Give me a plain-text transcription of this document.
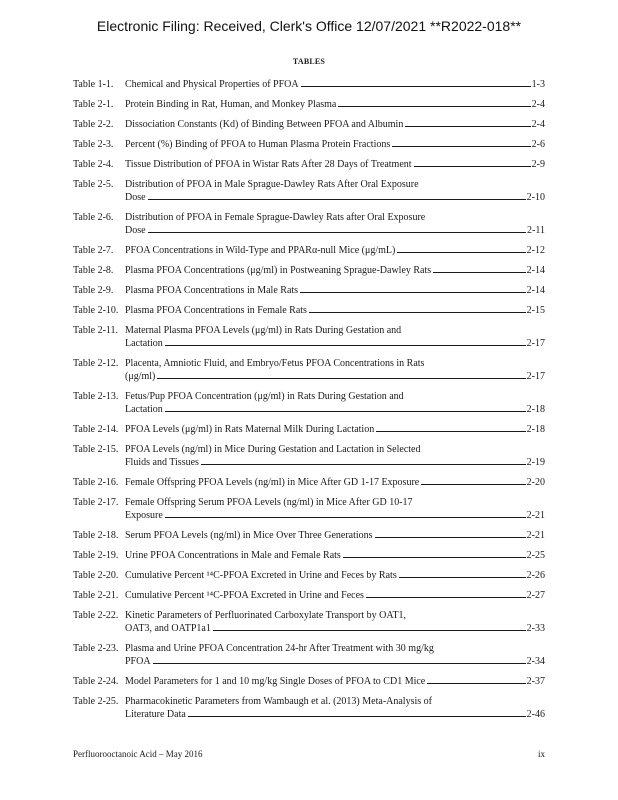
Electronic Filing: Received, Clerk's Office 12/07/2021 **R2022-018**
TABLES
Table 1-1.	Chemical and Physical Properties of PFOA	1-3
Table 2-1.	Protein Binding in Rat, Human, and Monkey Plasma	2-4
Table 2-2.	Dissociation Constants (Kd) of Binding Between PFOA and Albumin	2-4
Table 2-3.	Percent (%) Binding of PFOA to Human Plasma Protein Fractions	2-6
Table 2-4.	Tissue Distribution of PFOA in Wistar Rats After 28 Days of Treatment	2-9
Table 2-5.	Distribution of PFOA in Male Sprague-Dawley Rats After Oral Exposure
Dose	2-10
Table 2-6.	Distribution of PFOA in Female Sprague-Dawley Rats after Oral Exposure
Dose	2-11
Table 2-7.	PFOA Concentrations in Wild-Type and PPARα-null Mice (μg/mL)	2-12
Table 2-8.	Plasma PFOA Concentrations (μg/ml) in Postweaning Sprague-Dawley Rats	2-14
Table 2-9.	Plasma PFOA Concentrations in Male Rats	2-14
Table 2-10. Plasma PFOA Concentrations in Female Rats	2-15
Table 2-11. Maternal Plasma PFOA Levels (μg/ml) in Rats During Gestation and
Lactation	2-17
Table 2-12. Placenta, Amniotic Fluid, and Embryo/Fetus PFOA Concentrations in Rats
(μg/ml)	2-17
Table 2-13. Fetus/Pup PFOA Concentration (μg/ml) in Rats During Gestation and
Lactation	2-18
Table 2-14. PFOA Levels (μg/ml) in Rats Maternal Milk During Lactation	2-18
Table 2-15. PFOA Levels (ng/ml) in Mice During Gestation and Lactation in Selected
Fluids and Tissues	2-19
Table 2-16. Female Offspring PFOA Levels (ng/ml) in Mice After GD 1-17 Exposure	2-20
Table 2-17. Female Offspring Serum PFOA Levels (ng/ml) in Mice After GD 10-17
Exposure	2-21
Table 2-18. Serum PFOA Levels (ng/ml) in Mice Over Three Generations	2-21
Table 2-19. Urine PFOA Concentrations in Male and Female Rats	2-25
Table 2-20. Cumulative Percent ¹⁴C-PFOA Excreted in Urine and Feces by Rats	2-26
Table 2-21. Cumulative Percent ¹⁴C-PFOA Excreted in Urine and Feces	2-27
Table 2-22. Kinetic Parameters of Perfluorinated Carboxylate Transport by OAT1,
OAT3, and OATP1a1	2-33
Table 2-23. Plasma and Urine PFOA Concentration 24-hr After Treatment with 30 mg/kg
PFOA	2-34
Table 2-24. Model Parameters for 1 and 10 mg/kg Single Doses of PFOA to CD1 Mice	2-37
Table 2-25. Pharmacokinetic Parameters from Wambaugh et al. (2013) Meta-Analysis of
Literature Data	2-46
Perfluorooctanoic Acid – May 2016	ix
